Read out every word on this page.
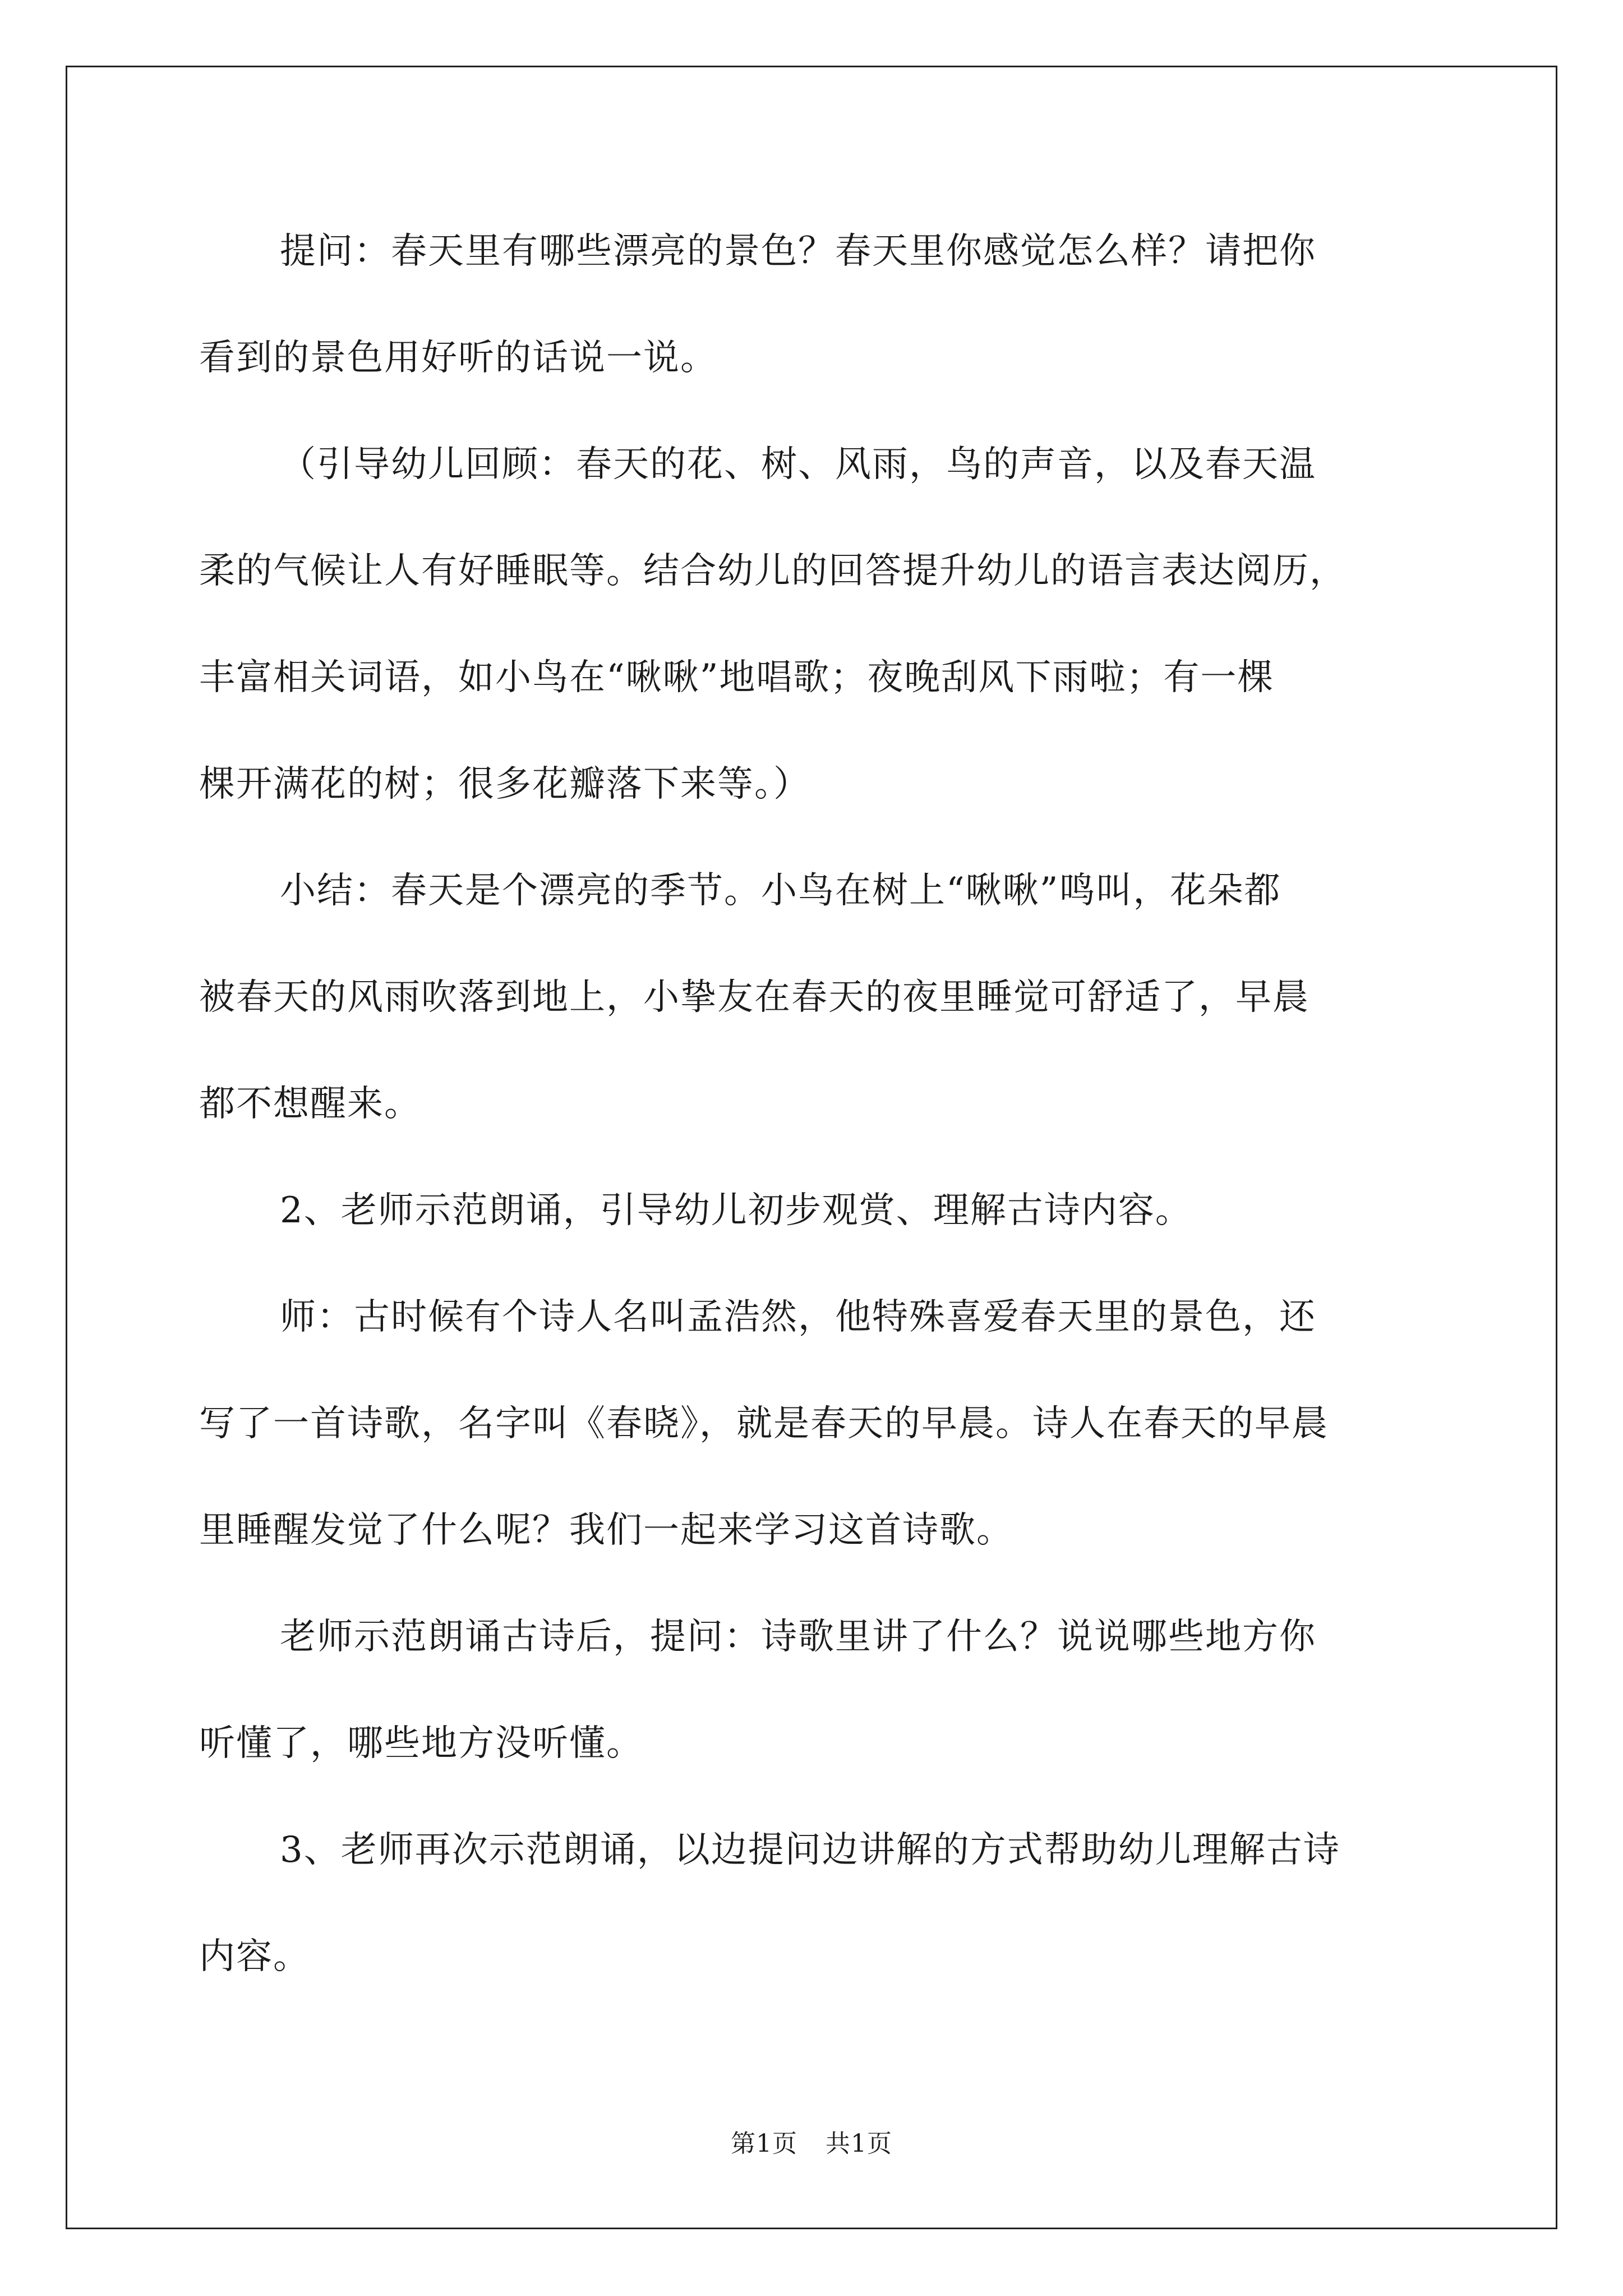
提问：春天里有哪些漂亮的景色？春天里你感觉怎么样？请把你
看到的景色用好听的话说一说。
（引导幼儿回顾：春天的花、树、风雨，鸟的声音，以及春天温
柔的气候让人有好睡眠等。结合幼儿的回答提升幼儿的语言表达阅历，
丰富相关词语，如小鸟在“啾啾”地唱歌；夜晚刮风下雨啦；有一棵
棵开满花的树；很多花瓣落下来等。）
小结：春天是个漂亮的季节。小鸟在树上“啾啾”鸣叫，花朵都
被春天的风雨吹落到地上，小挚友在春天的夜里睡觉可舒适了，早晨
都不想醒来。
2、老师示范朗诵，引导幼儿初步观赏、理解古诗内容。
师：古时候有个诗人名叫孟浩然，他特殊喜爱春天里的景色，还
写了一首诗歌，名字叫《春晓》，就是春天的早晨。诗人在春天的早晨
里睡醒发觉了什么呢？我们一起来学习这首诗歌。
老师示范朗诵古诗后，提问：诗歌里讲了什么？说说哪些地方你
听懂了，哪些地方没听懂。
3、老师再次示范朗诵，以边提问边讲解的方式帮助幼儿理解古诗
内容。
第1页 共1页
